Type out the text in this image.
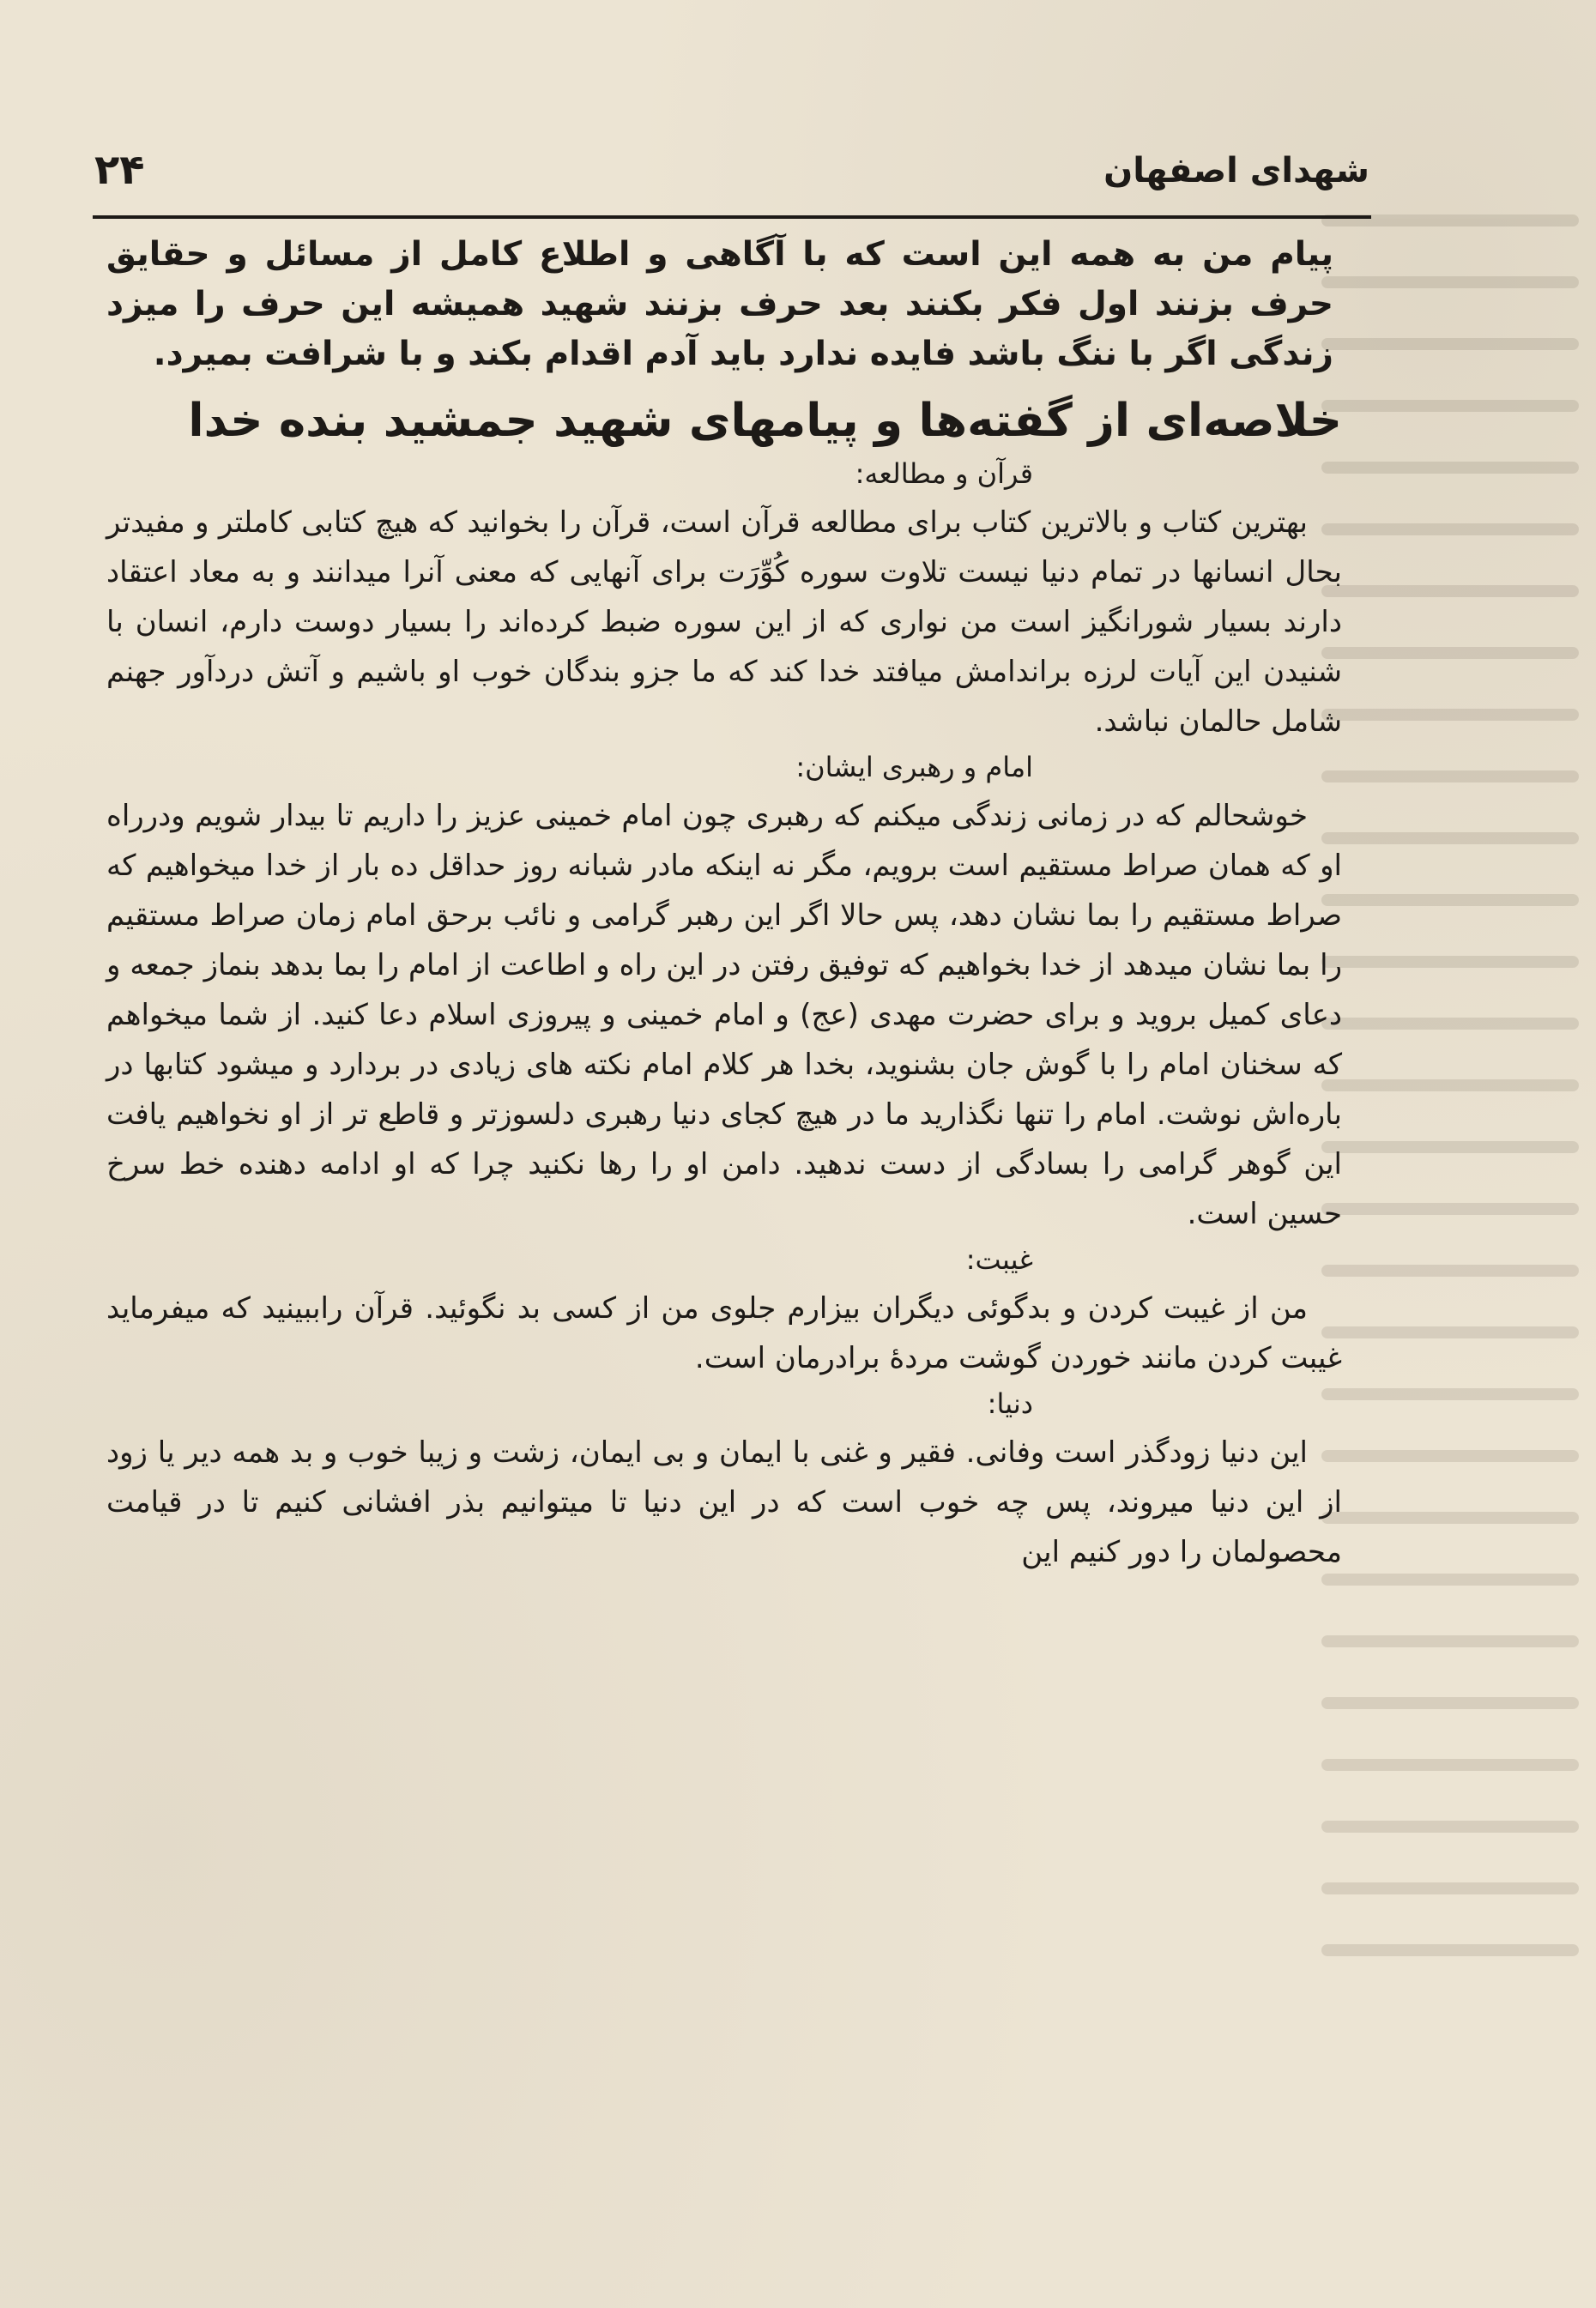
شهدای اصفهان
۲۴

پیام من به همه این است که با آگاهی و اطلاع کامل از مسائل و حقایق حرف بزنند اول فکر بکنند بعد حرف بزنند شهید همیشه این حرف را میزد زندگی اگر با ننگ باشد فایده ندارد باید آدم اقدام بکند و با شرافت بمیرد.

خلاصه‌ای از گفته‌ها و پیامهای شهید جمشید بنده خدا
قرآن و مطالعه:

بهترین کتاب و بالاترین کتاب برای مطالعه قرآن است، قرآن را بخوانید که هیچ کتابی کاملتر و مفیدتر بحال انسانها در تمام دنیا نیست تلاوت سوره کُوِّرَت برای آنهایی که معنی آنرا میدانند و به معاد اعتقاد دارند بسیار شورانگیز است من نواری که از این سوره ضبط کرده‌اند را بسیار دوست دارم، انسان با شنیدن این آیات لرزه براندامش میافتد خدا کند که ما جزو بندگان خوب او باشیم و آتش دردآور جهنم شامل حالمان نباشد.

امام و رهبری ایشان:

خوشحالم که در زمانی زندگی میکنم که رهبری چون امام خمینی عزیز را داریم تا بیدار شویم ودرراه او که همان صراط مستقیم است برویم، مگر نه اینکه مادر شبانه روز حداقل ده بار از خدا میخواهیم که صراط مستقیم را بما نشان دهد، پس حالا اگر این رهبر گرامی و نائب برحق امام زمان صراط مستقیم را بما نشان میدهد از خدا بخواهیم که توفیق رفتن در این راه و اطاعت از امام را بما بدهد بنماز جمعه و دعای کمیل بروید و برای حضرت مهدی (عج) و امام خمینی و پیروزی اسلام دعا کنید. از شما میخواهم که سخنان امام را با گوش جان بشنوید، بخدا هر کلام امام نکته های زیادی در بردارد و میشود کتابها در باره‌اش نوشت. امام را تنها نگذارید ما در هیچ کجای دنیا رهبری دلسوزتر و قاطع تر از او نخواهیم یافت این گوهر گرامی را بسادگی از دست ندهید. دامن او را رها نکنید چرا که او ادامه دهنده خط سرخ حسین است.

غیبت:

من از غیبت کردن و بدگوئی دیگران بیزارم جلوی من از کسی بد نگوئید. قرآن راببینید که میفرماید غیبت کردن مانند خوردن گوشت مردهٔ برادرمان است.

دنیا:

این دنیا زودگذر است وفانی. فقیر و غنی با ایمان و بی ایمان، زشت و زیبا خوب و بد همه دیر یا زود از این دنیا میروند، پس چه خوب است که در این دنیا تا میتوانیم بذر افشانی کنیم تا در قیامت محصولمان را دور کنیم این
